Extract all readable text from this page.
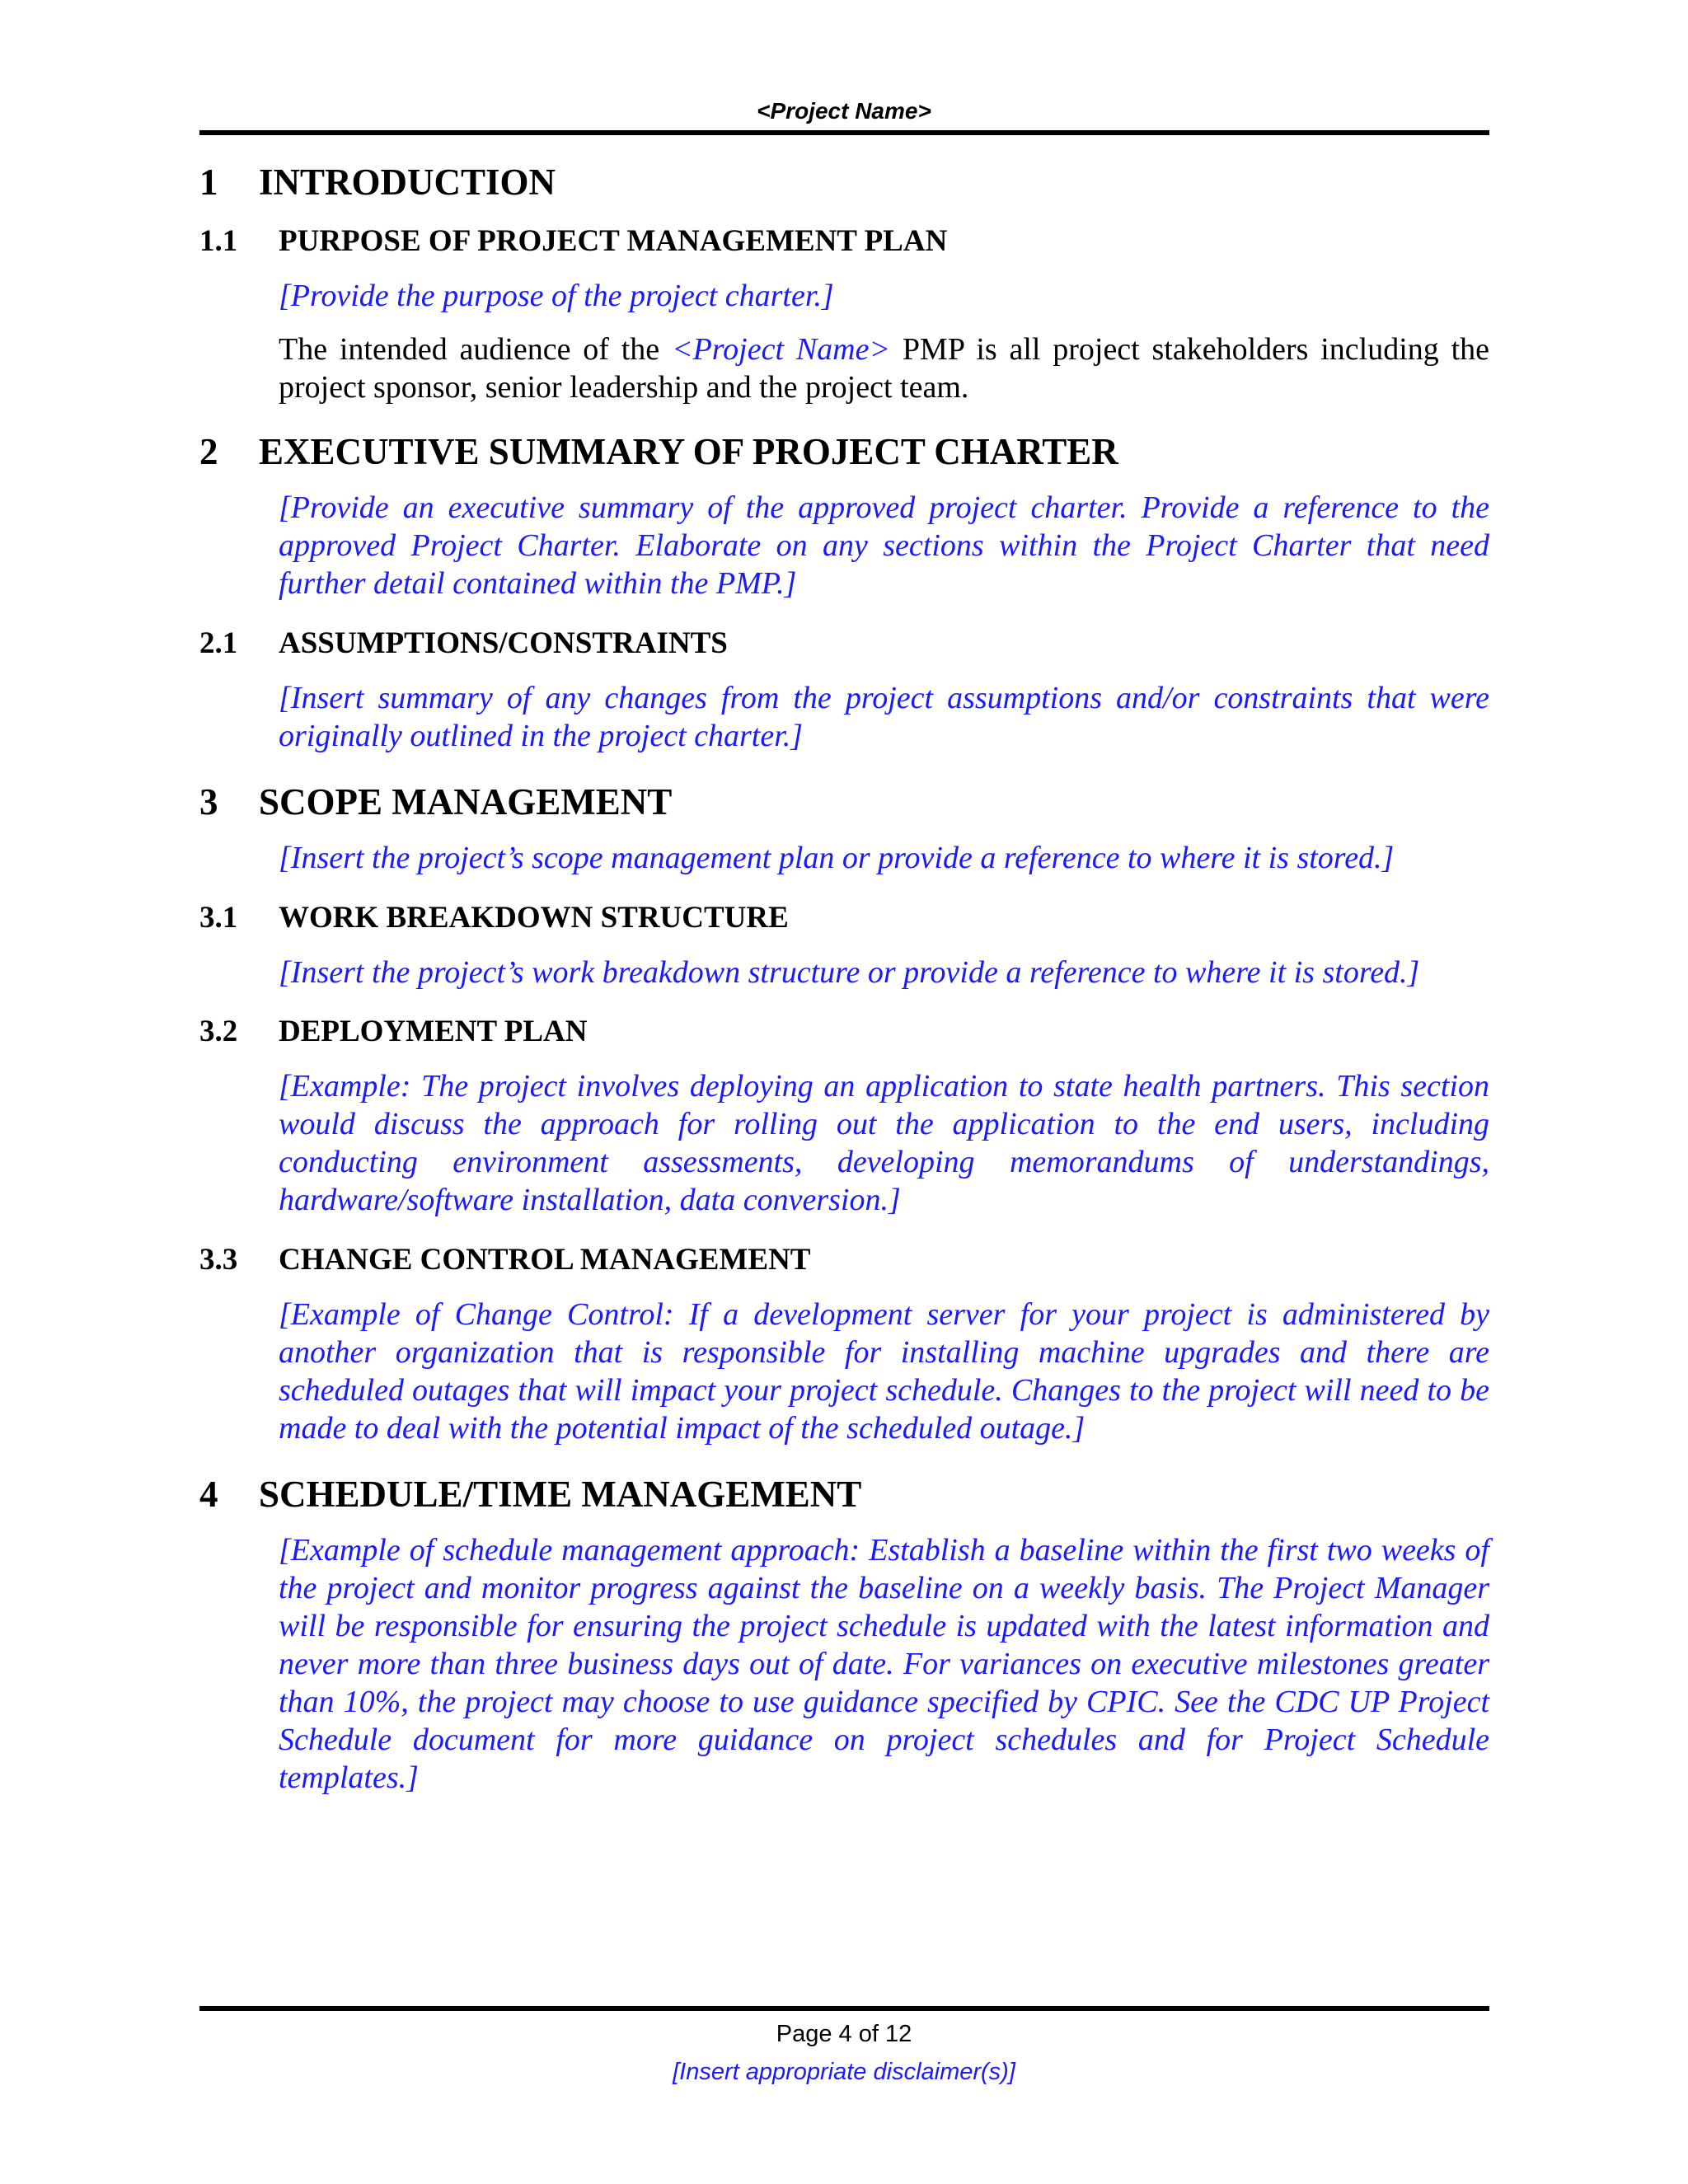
<Project Name>
1	INTRODUCTION
1.1	PURPOSE OF PROJECT MANAGEMENT PLAN

[Provide the purpose of the project charter.]

The intended audience of the <Project Name> PMP is all project stakeholders including the project sponsor, senior leadership and the project team.

2	EXECUTIVE SUMMARY OF PROJECT CHARTER

[Provide an executive summary of the approved project charter. Provide a reference to the approved Project Charter. Elaborate on any sections within the Project Charter that need further detail contained within the PMP.]

2.1	ASSUMPTIONS/CONSTRAINTS

[Insert summary of any changes from the project assumptions and/or constraints that were originally outlined in the project charter.]

3	SCOPE MANAGEMENT

[Insert the project’s scope management plan or provide a reference to where it is stored.]

3.1	WORK BREAKDOWN STRUCTURE

[Insert the project’s work breakdown structure or provide a reference to where it is stored.]

3.2	DEPLOYMENT PLAN

[Example: The project involves deploying an application to state health partners. This section would discuss the approach for rolling out the application to the end users, including conducting environment assessments, developing memorandums of understandings, hardware/software installation, data conversion.]

3.3	CHANGE CONTROL MANAGEMENT

[Example of Change Control: If a development server for your project is administered by another organization that is responsible for installing machine upgrades and there are scheduled outages that will impact your project schedule. Changes to the project will need to be made to deal with the potential impact of the scheduled outage.]

4	SCHEDULE/TIME MANAGEMENT

[Example of schedule management approach: Establish a baseline within the first two weeks of the project and monitor progress against the baseline on a weekly basis. The Project Manager will be responsible for ensuring the project schedule is updated with the latest information and never more than three business days out of date. For variances on executive milestones greater than 10%, the project may choose to use guidance specified by CPIC. See the CDC UP Project Schedule document for more guidance on project schedules and for Project Schedule templates.]

Page 4 of 12
[Insert appropriate disclaimer(s)]
